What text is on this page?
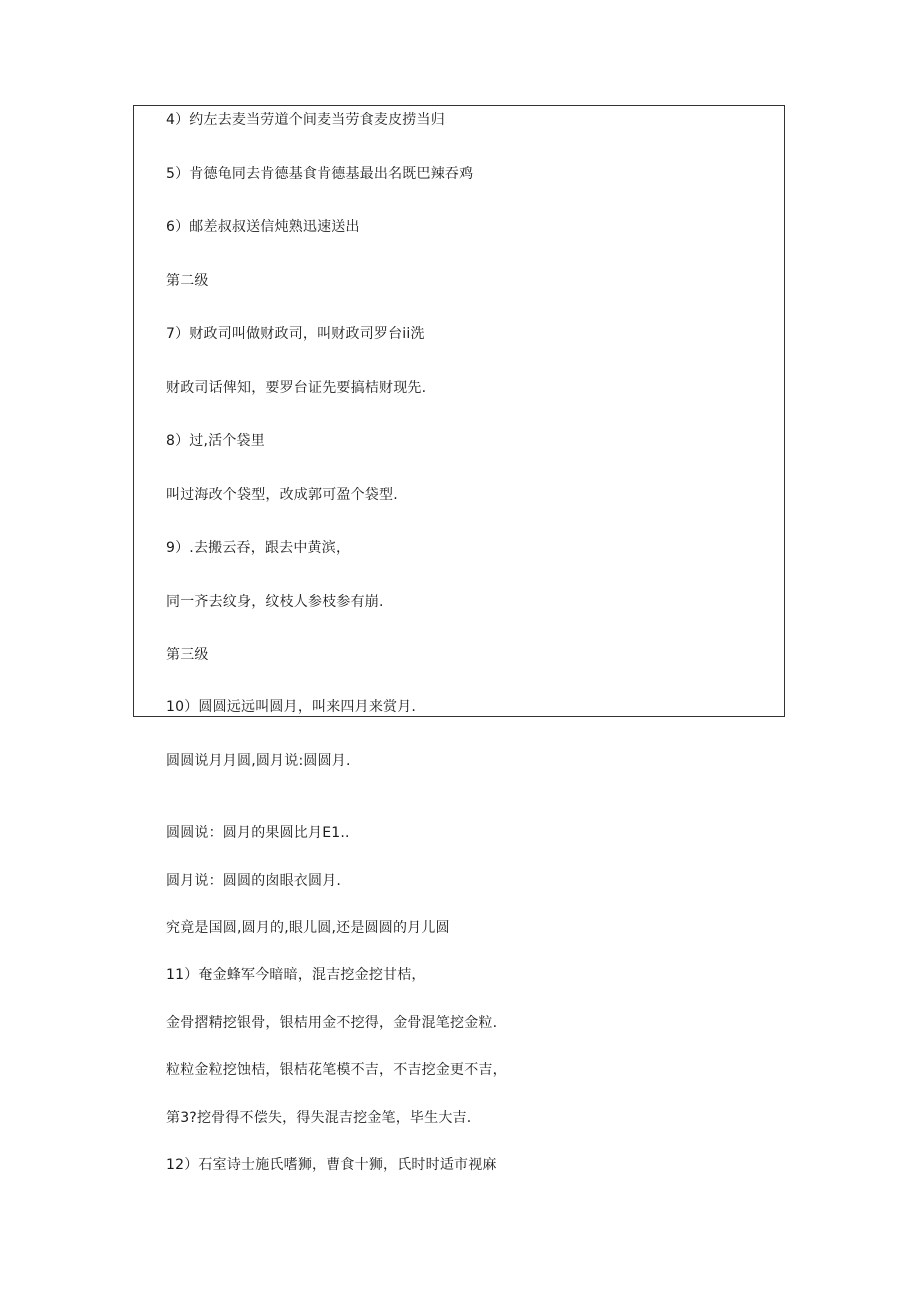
4）约左去麦当劳道个间麦当劳食麦皮捞当归
5）肯德龟同去肯德基食肯德基最出名既巴辣吞鸡
6）邮差叔叔送信炖熟迅速送出
第二级
7）财政司叫做财政司，叫财政司罗台ii洗
财政司话俾知，要罗台证先要搞桔财现先.
8）过,活个袋里
叫过海改个袋型，改成郭可盈个袋型.
9）.去搬云吞，跟去中黄滨，
同一齐去纹身，纹枝人参枝参有崩.
第三级
10）圆圆远远叫圆月，叫来四月来赏月.
圆圆说月月圆,圆月说:圆圆月.
圆圆说：圆月的果圆比月E1..
圆月说：圆圆的囱眼衣圆月.
究竟是国圆,圆月的,眼儿圆,还是圆圆的月儿圆
11）奄金蜂军今暗暗，混吉挖金挖甘桔，
金骨摺精挖银骨，银桔用金不挖得，金骨混笔挖金粒.
粒粒金粒挖蚀桔，银桔花笔模不吉，不吉挖金更不吉，
第3?挖骨得不偿失，得失混吉挖金笔，毕生大吉.
12）石室诗士施氏嗜狮，曹食十狮，氏时时适市视麻
